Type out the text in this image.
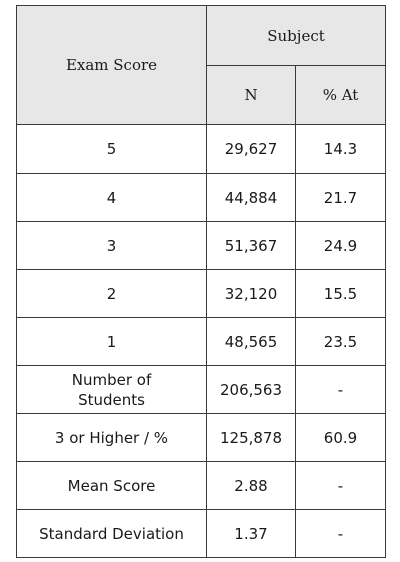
Exam Score	Subject	
	N	% At
5	29,627	14.3
4	44,884	21.7
3	51,367	24.9
2	32,120	15.5
1	48,565	23.5
Number of Students	206,563	-
3 or Higher / %	125,878	60.9
Mean Score	2.88	-
Standard Deviation	1.37	-
